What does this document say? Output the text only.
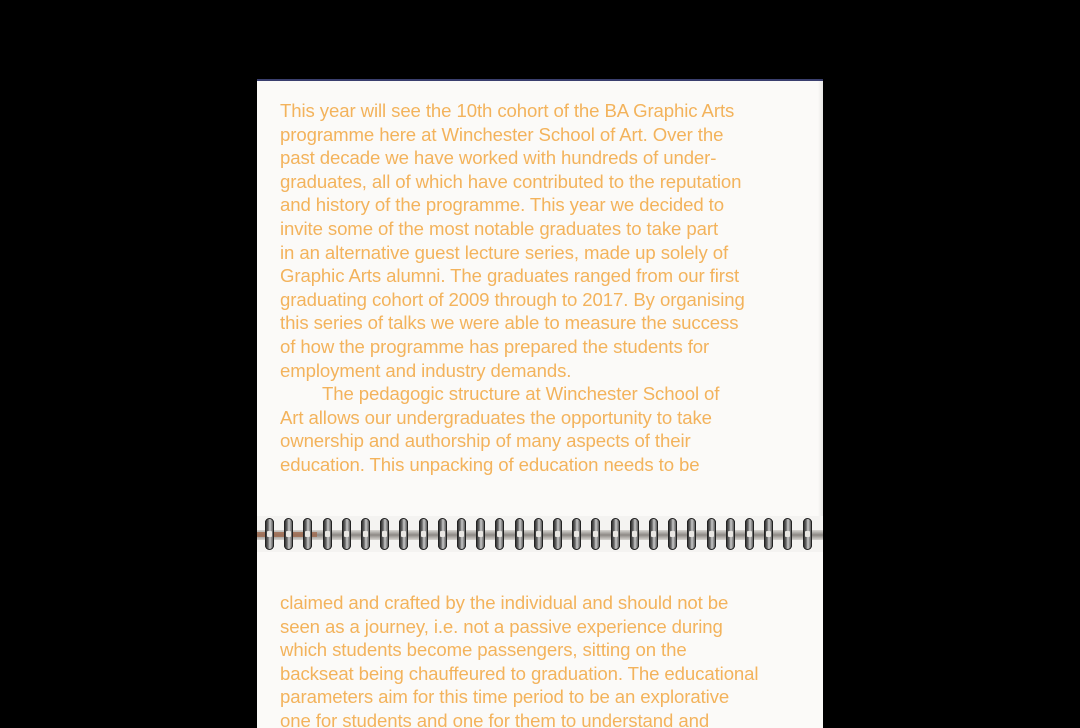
This year will see the 10th cohort of the BA Graphic Arts
programme here at Winchester School of Art. Over the
past decade we have worked with hundreds of under-
graduates, all of which have contributed to the reputation
and history of the programme. This year we decided to
invite some of the most notable graduates to take part
in an alternative guest lecture series, made up solely of
Graphic Arts alumni. The graduates ranged from our first
graduating cohort of 2009 through to 2017. By organising
this series of talks we were able to measure the success
of how the programme has prepared the students for
employment and industry demands.
The pedagogic structure at Winchester School of
Art allows our undergraduates the opportunity to take
ownership and authorship of many aspects of their
education. This unpacking of education needs to be
claimed and crafted by the individual and should not be
seen as a journey, i.e. not a passive experience during
which students become passengers, sitting on the
backseat being chauffeured to graduation. The educational
parameters aim for this time period to be an explorative
one for students and one for them to understand and
